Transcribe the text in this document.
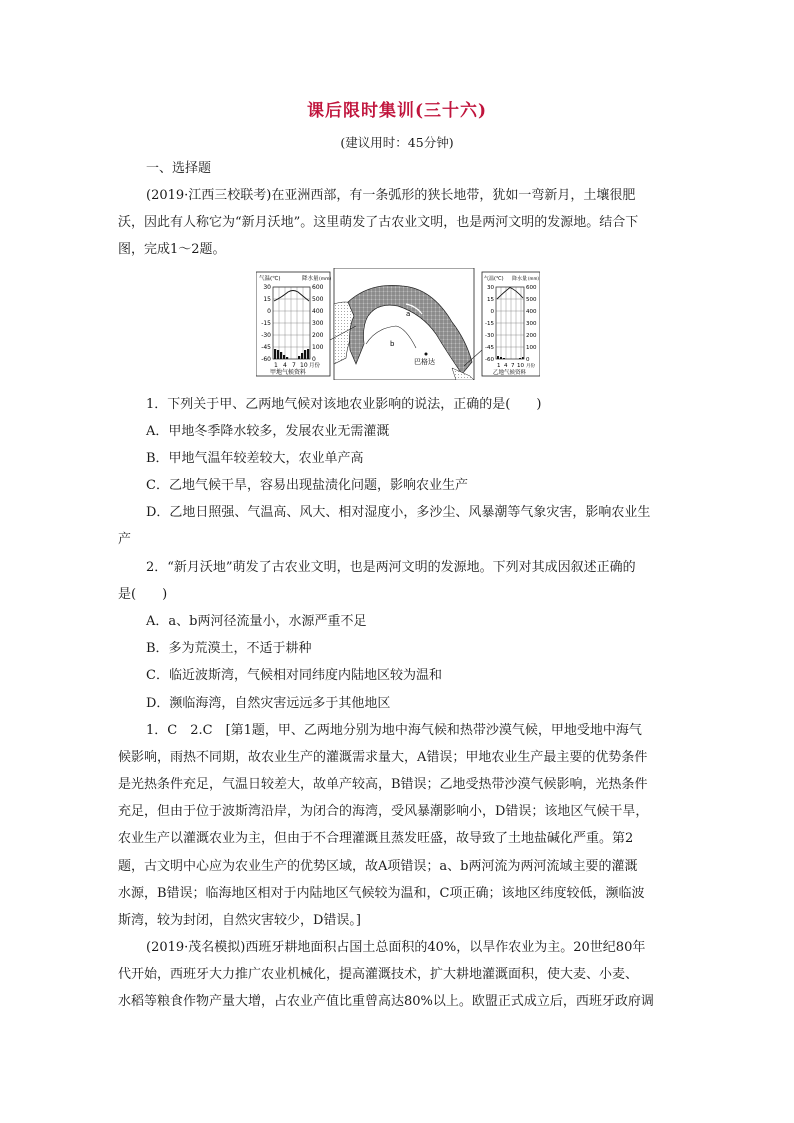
课后限时集训(三十六)
(建议用时：45分钟)
一、选择题
(2019·江西三校联考)在亚洲西部，有一条弧形的狭长地带，犹如一弯新月，土壤很肥
沃，因此有人称它为“新月沃地”。这里萌发了古农业文明，也是两河文明的发源地。结合下
图，完成1～2题。
气温(℃)	降水量 (mm)
30
15
0
-15
-30
-45
-60
600
500
400
300
200
100
0
1 4 7 10 月份
甲地气候资料
a
b
巴格达
气温(℃) 降水量 (mm)
30
15
0
-15
-30
-45
-60
600
500
400
300
200
100
0
1 4 7 10 月份
乙地气候资料
1．下列关于甲、乙两地气候对该地农业影响的说法，正确的是(　　)
A．甲地冬季降水较多，发展农业无需灌溉
B．甲地气温年较差较大，农业单产高
C．乙地气候干旱，容易出现盐渍化问题，影响农业生产
D．乙地日照强、气温高、风大、相对湿度小，多沙尘、风暴潮等气象灾害，影响农业生
产
2．“新月沃地”萌发了古农业文明，也是两河文明的发源地。下列对其成因叙述正确的
是(　　)
A．a、b两河径流量小，水源严重不足
B．多为荒漠土，不适于耕种
C．临近波斯湾，气候相对同纬度内陆地区较为温和
D．濒临海湾，自然灾害远远多于其他地区
1．C　2.C　[第1题，甲、乙两地分别为地中海气候和热带沙漠气候，甲地受地中海气
候影响，雨热不同期，故农业生产的灌溉需求量大，A错误；甲地农业生产最主要的优势条件
是光热条件充足，气温日较差大，故单产较高，B错误；乙地受热带沙漠气候影响，光热条件
充足，但由于位于波斯湾沿岸，为闭合的海湾，受风暴潮影响小，D错误；该地区气候干旱，
农业生产以灌溉农业为主，但由于不合理灌溉且蒸发旺盛，故导致了土地盐碱化严重。第2
题，古文明中心应为农业生产的优势区域，故A项错误；a、b两河流为两河流域主要的灌溉
水源，B错误；临海地区相对于内陆地区气候较为温和，C项正确；该地区纬度较低，濒临波
斯湾，较为封闭，自然灾害较少，D错误。]
(2019·茂名模拟)西班牙耕地面积占国土总面积的40%，以旱作农业为主。20世纪80年
代开始，西班牙大力推广农业机械化，提高灌溉技术，扩大耕地灌溉面积，使大麦、小麦、
水稻等粮食作物产量大增，占农业产值比重曾高达80%以上。欧盟正式成立后，西班牙政府调
